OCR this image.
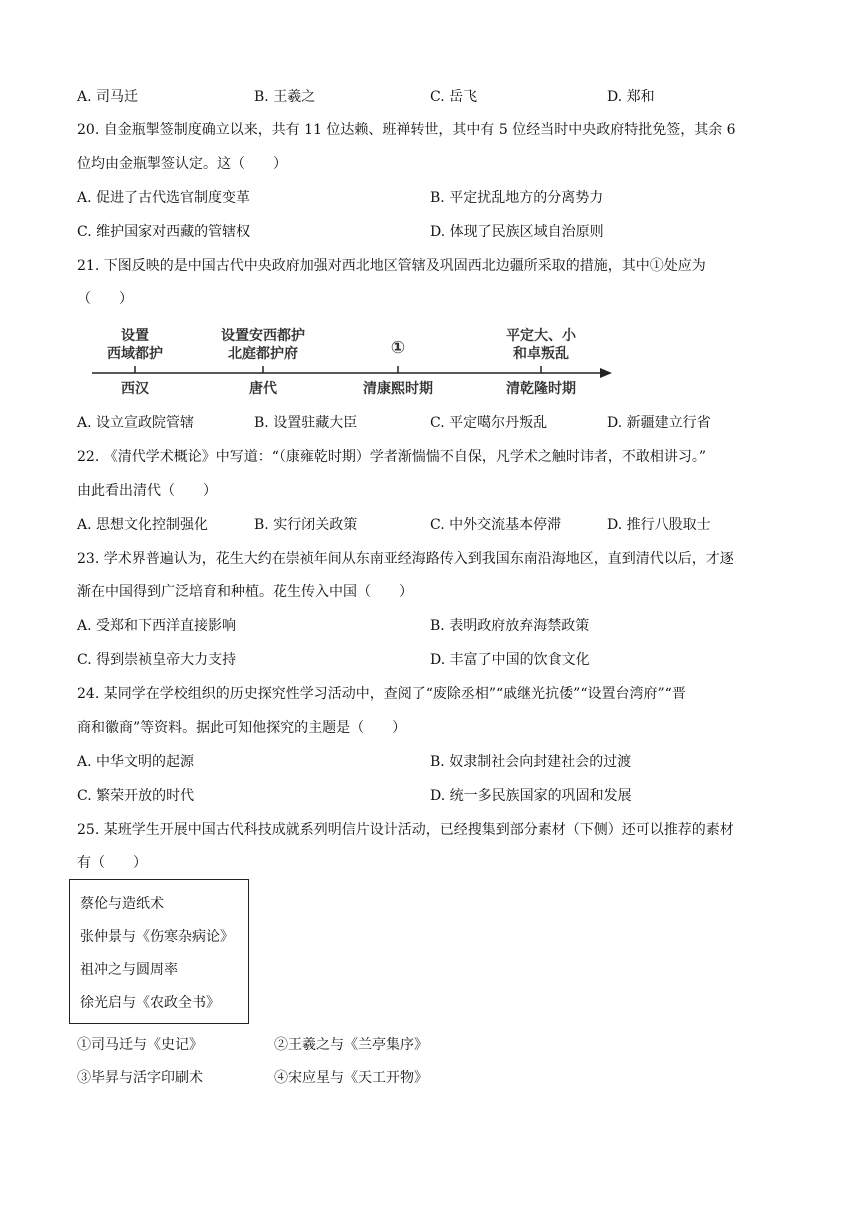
A. 司马迁	B. 王羲之	C. 岳飞	D. 郑和
20. 自金瓶掣签制度确立以来，共有 11 位达赖、班禅转世，其中有 5 位经当时中央政府特批免签，其余 6
位均由金瓶掣签认定。这（　　）
A. 促进了古代选官制度变革	B. 平定扰乱地方的分离势力
C. 维护国家对西藏的管辖权	D. 体现了民族区域自治原则
21. 下图反映的是中国古代中央政府加强对西北地区管辖及巩固西北边疆所采取的措施，其中①处应为
（　　）
设置
西域都护
西汉
设置安西都护
北庭都护府
唐代
①
清康熙时期
平定大、小
和卓叛乱
清乾隆时期
A. 设立宣政院管辖	B. 设置驻藏大臣	C. 平定噶尔丹叛乱	D. 新疆建立行省
22. 《清代学术概论》中写道：“（康雍乾时期）学者渐惴惴不自保，凡学术之触时讳者，不敢相讲习。”
由此看出清代（　　）
A. 思想文化控制强化	B. 实行闭关政策	C. 中外交流基本停滞	D. 推行八股取士
23. 学术界普遍认为，花生大约在崇祯年间从东南亚经海路传入到我国东南沿海地区，直到清代以后，才逐
渐在中国得到广泛培育和种植。花生传入中国（　　）
A. 受郑和下西洋直接影响	B. 表明政府放弃海禁政策
C. 得到崇祯皇帝大力支持	D. 丰富了中国的饮食文化
24. 某同学在学校组织的历史探究性学习活动中，查阅了“废除丞相”“戚继光抗倭”“设置台湾府”“晋
商和徽商”等资料。据此可知他探究的主题是（　　）
A. 中华文明的起源	B. 奴隶制社会向封建社会的过渡
C. 繁荣开放的时代	D. 统一多民族国家的巩固和发展
25. 某班学生开展中国古代科技成就系列明信片设计活动，已经搜集到部分素材（下侧）还可以推荐的素材
有（　　）
蔡伦与造纸术
张仲景与《伤寒杂病论》
祖冲之与圆周率
徐光启与《农政全书》
①司马迁与《史记》	②王羲之与《兰亭集序》
③毕昇与活字印刷术	④宋应星与《天工开物》
